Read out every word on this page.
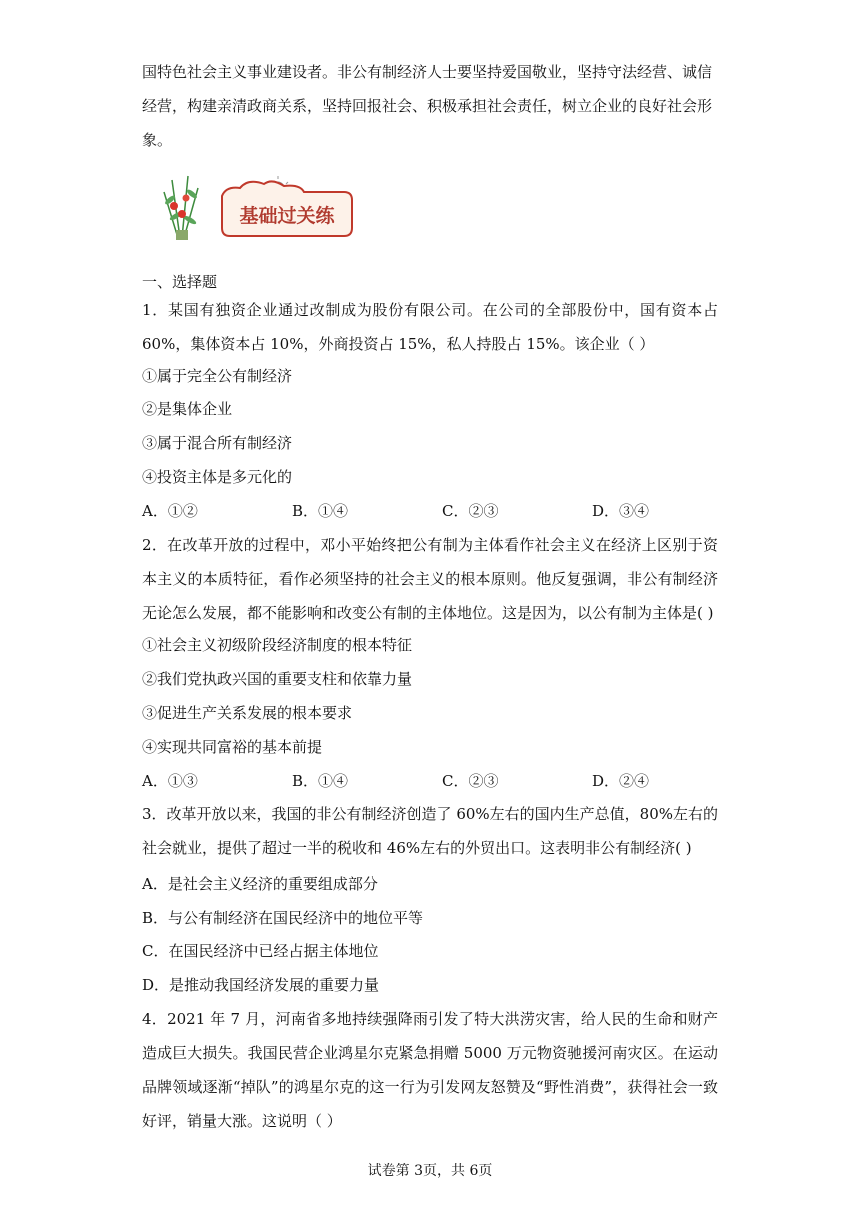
国特色社会主义事业建设者。非公有制经济人士要坚持爱国敬业，坚持守法经营、诚信
经营，构建亲清政商关系，坚持回报社会、积极承担社会责任，树立企业的良好社会形
象。
基础过关练
一、选择题
1．某国有独资企业通过改制成为股份有限公司。在公司的全部股份中，国有资本占 60%，集体资本占 10%，外商投资占 15%，私人持股占 15%。该企业（ ）
①属于完全公有制经济
②是集体企业
③属于混合所有制经济
④投资主体是多元化的
A．①②	B．①④	C．②③	D．③④
2．在改革开放的过程中，邓小平始终把公有制为主体看作社会主义在经济上区别于资本主义的本质特征，看作必须坚持的社会主义的根本原则。他反复强调，非公有制经济无论怎么发展，都不能影响和改变公有制的主体地位。这是因为，以公有制为主体是( )
①社会主义初级阶段经济制度的根本特征
②我们党执政兴国的重要支柱和依靠力量
③促进生产关系发展的根本要求
④实现共同富裕的基本前提
A．①③	B．①④	C．②③	D．②④
3．改革开放以来，我国的非公有制经济创造了 60%左右的国内生产总值，80%左右的社会就业，提供了超过一半的税收和 46%左右的外贸出口。这表明非公有制经济( )
A．是社会主义经济的重要组成部分
B．与公有制经济在国民经济中的地位平等
C．在国民经济中已经占据主体地位
D．是推动我国经济发展的重要力量
4．2021 年 7 月，河南省多地持续强降雨引发了特大洪涝灾害，给人民的生命和财产造成巨大损失。我国民营企业鸿星尔克紧急捐赠 5000 万元物资驰援河南灾区。在运动品牌领域逐渐“掉队”的鸿星尔克的这一行为引发网友怒赞及“野性消费”，获得社会一致好评，销量大涨。这说明（ ）
试卷第 3页，共 6页
